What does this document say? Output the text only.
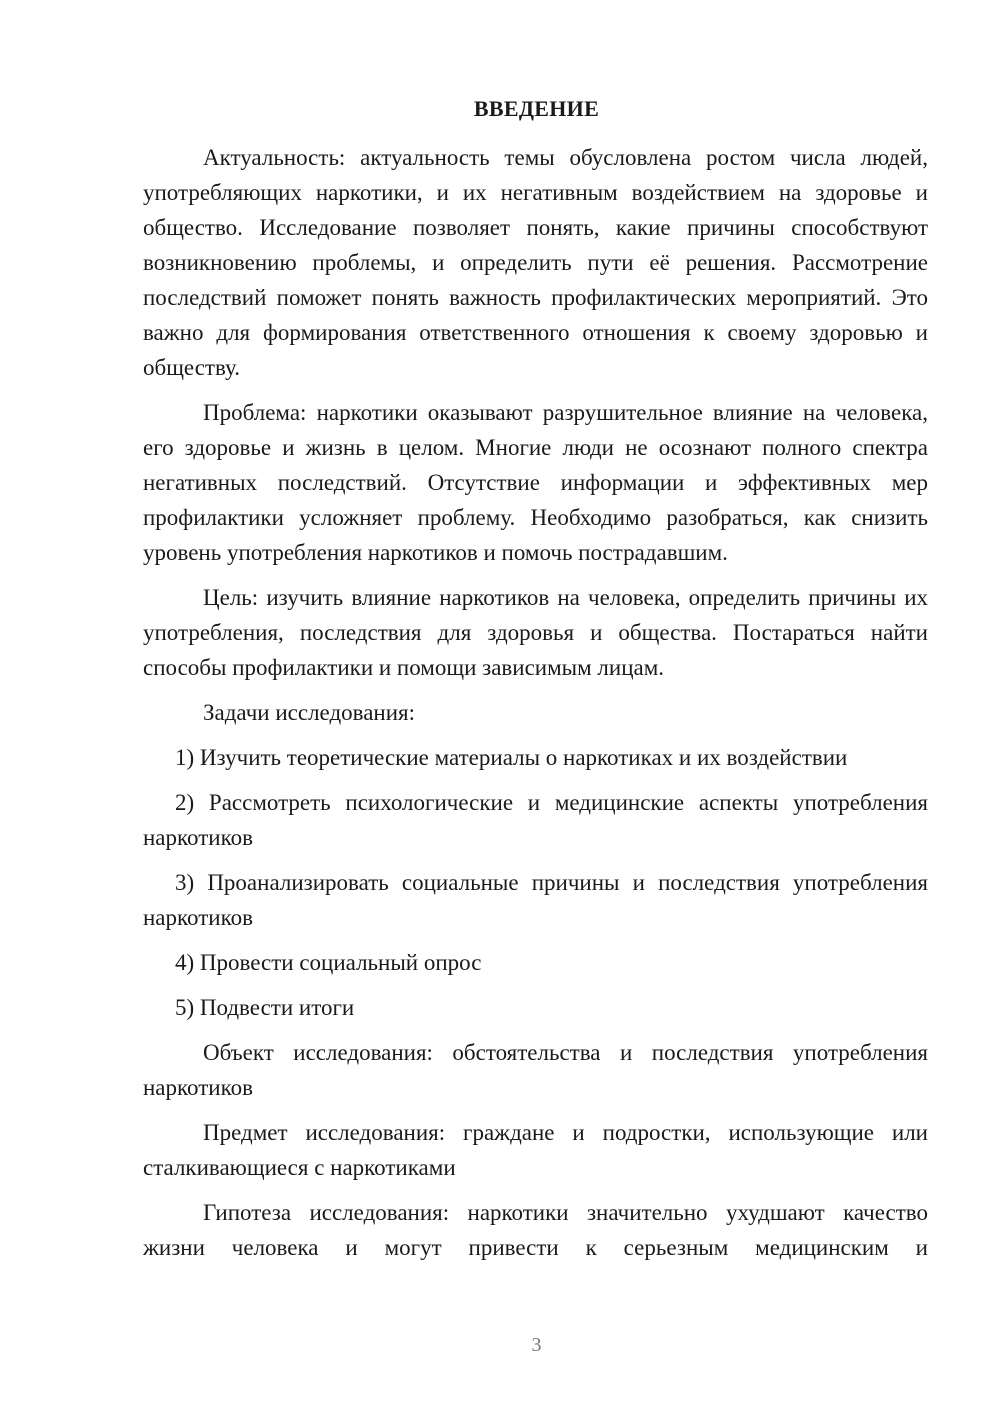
ВВЕДЕНИЕ

Актуальность: актуальность темы обусловлена ростом числа людей, употребляющих наркотики, и их негативным воздействием на здоровье и общество. Исследование позволяет понять, какие причины способствуют возникновению проблемы, и определить пути её решения. Рассмотрение последствий поможет понять важность профилактических мероприятий. Это важно для формирования ответственного отношения к своему здоровью и обществу.

Проблема: наркотики оказывают разрушительное влияние на человека, его здоровье и жизнь в целом. Многие люди не осознают полного спектра негативных последствий. Отсутствие информации и эффективных мер профилактики усложняет проблему. Необходимо разобраться, как снизить уровень употребления наркотиков и помочь пострадавшим.

Цель: изучить влияние наркотиков на человека, определить причины их употребления, последствия для здоровья и общества. Постараться найти способы профилактики и помощи зависимым лицам.

Задачи исследования:

1) Изучить теоретические материалы о наркотиках и их воздействии

2) Рассмотреть психологические и медицинские аспекты употребления наркотиков

3) Проанализировать социальные причины и последствия употребления наркотиков

4) Провести социальный опрос

5) Подвести итоги

Объект исследования: обстоятельства и последствия употребления наркотиков

Предмет исследования: граждане и подростки, использующие или сталкивающиеся с наркотиками

Гипотеза исследования: наркотики значительно ухудшают качество жизни человека и могут привести к серьезным медицинским и

3
